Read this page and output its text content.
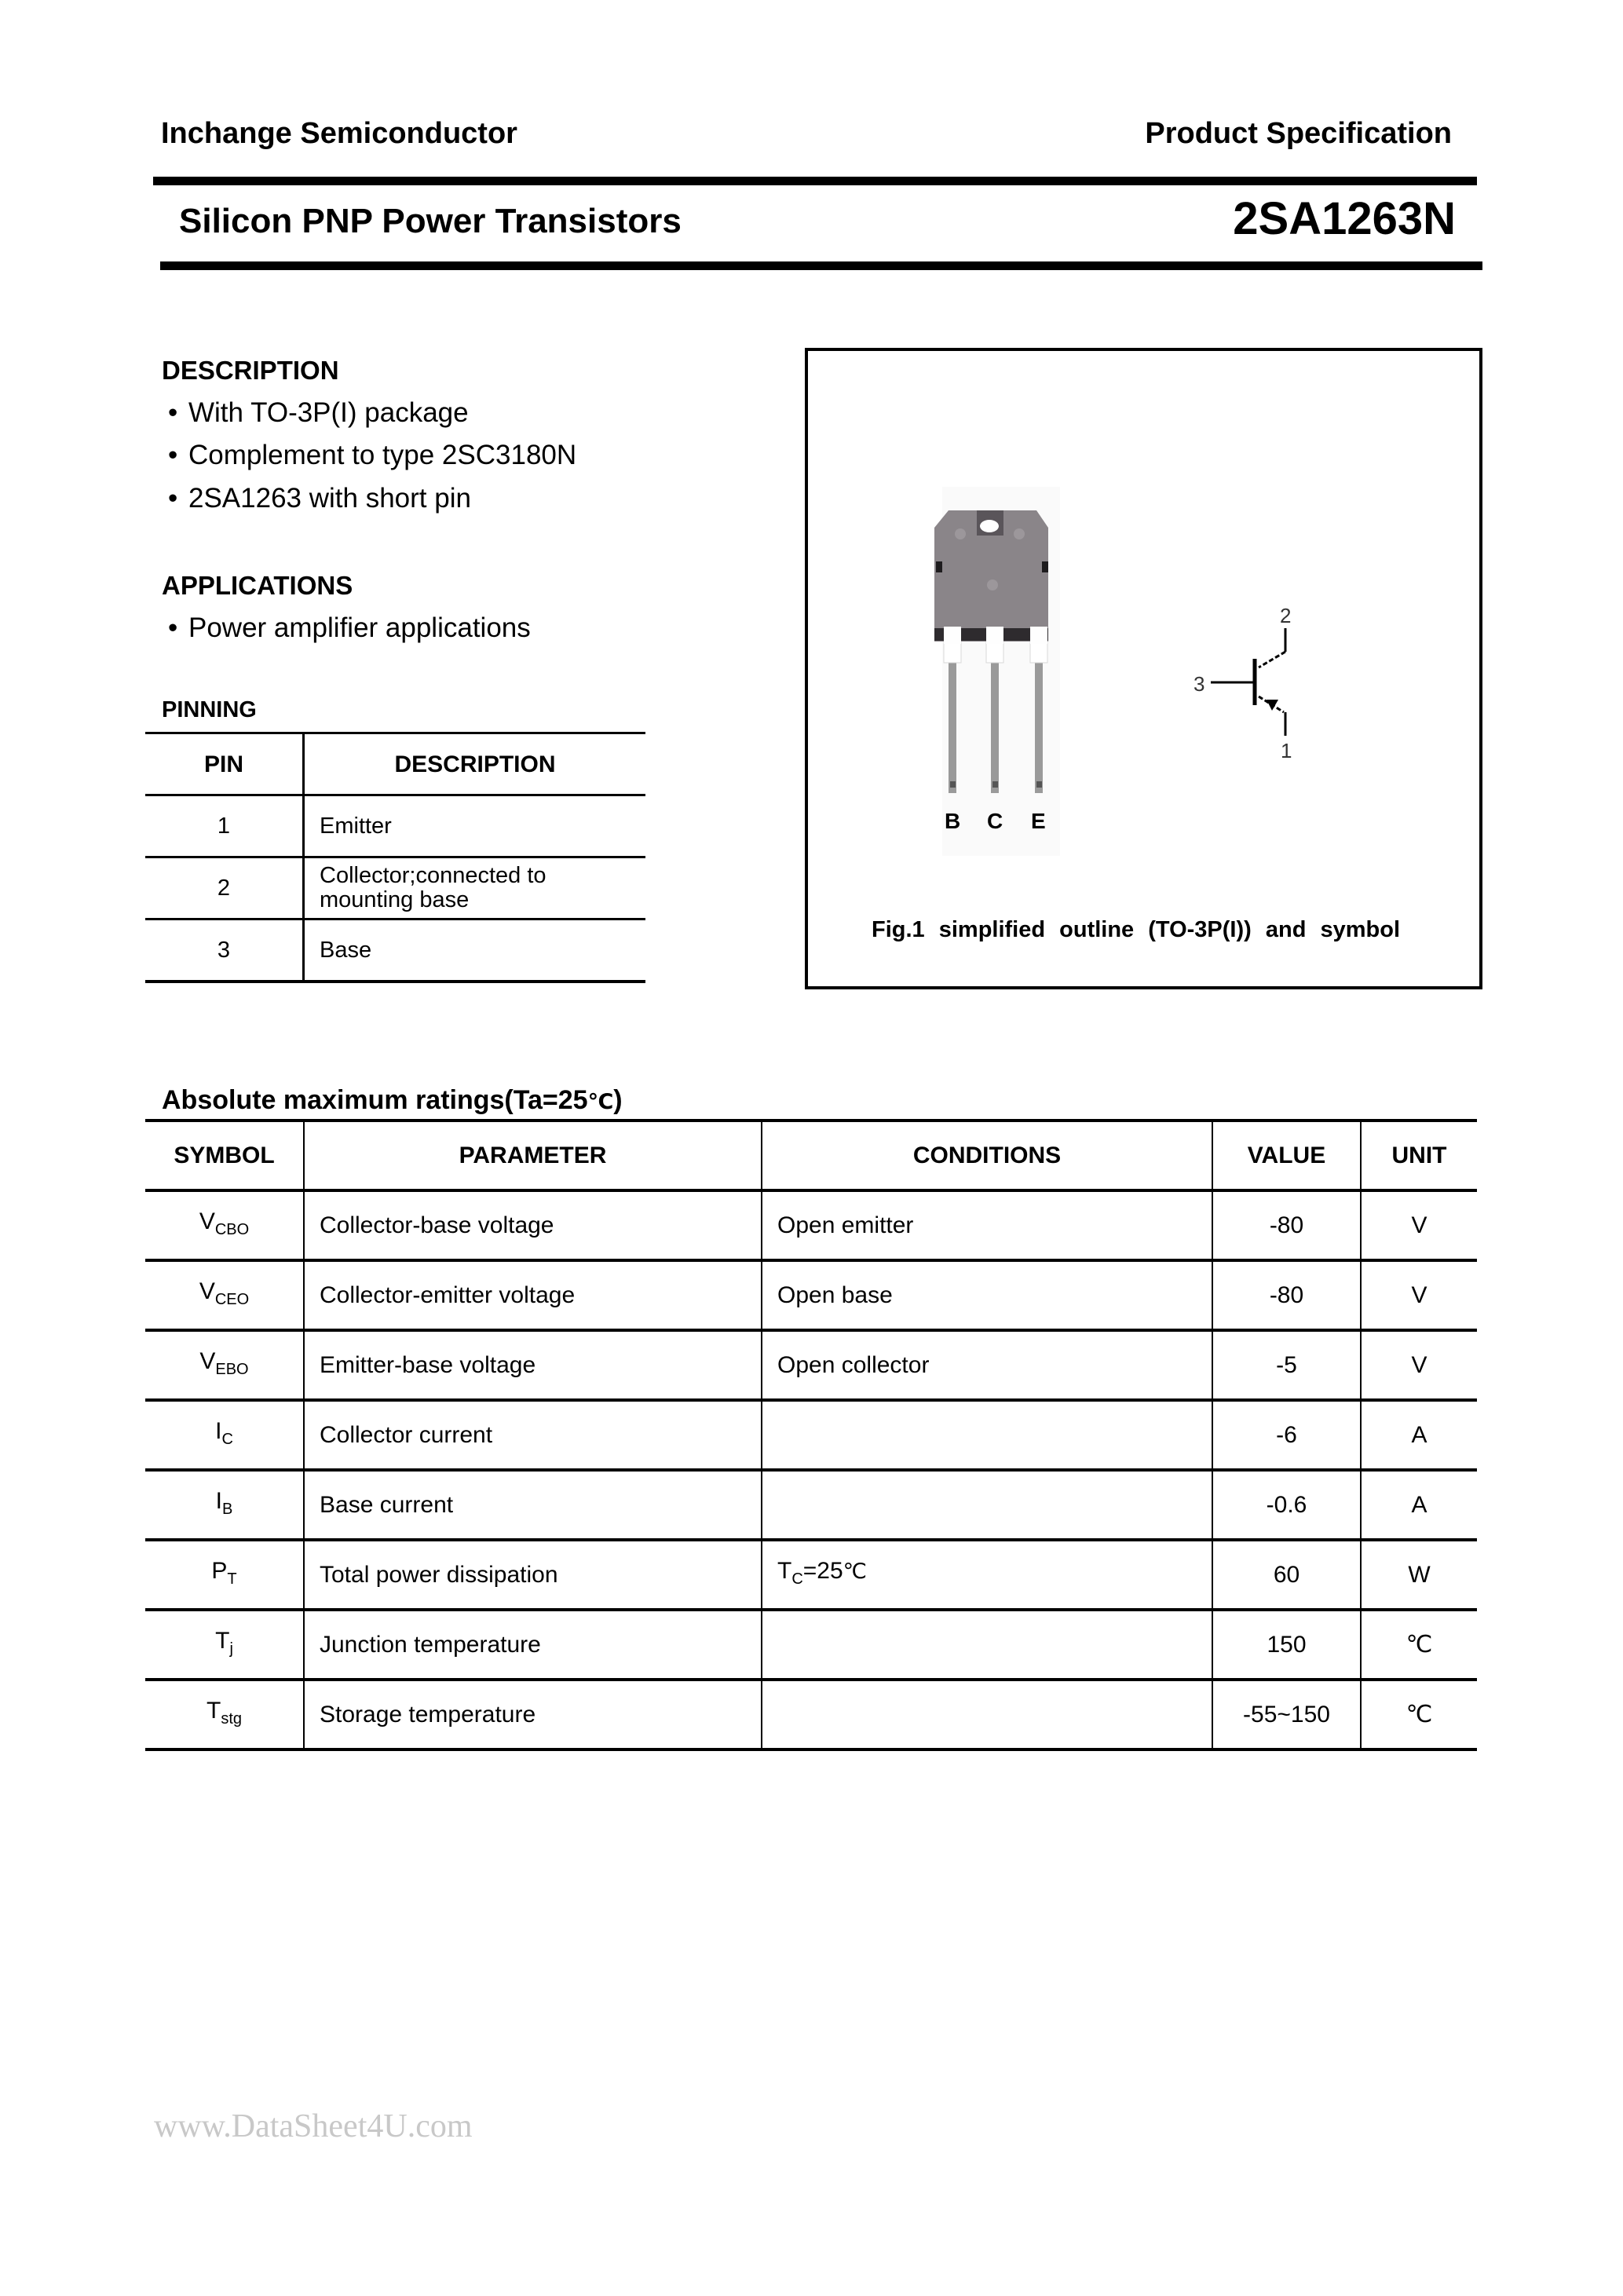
Inchange Semiconductor	Product Specification
Silicon PNP Power Transistors	2SA1263N
DESCRIPTION
• With TO-3P(I) package
• Complement to type 2SC3180N
• 2SA1263 with short pin
APPLICATIONS
• Power amplifier applications
PINNING
PIN	DESCRIPTION
1	Emitter
2	Collector;connected to
mounting base

3	Base
B C E
2
3
1
Fig.1 simplified outline (TO-3P(I)) and symbol
Absolute maximum ratings(Ta=25℃)
SYMBOL	PARAMETER	CONDITIONS	VALUE	UNIT
$V_{CBO}$	Collector-base voltage	Open emitter	-80	V
$V_{CEO}$	Collector-emitter voltage	Open base	-80	V
$V_{EBO}$	Emitter-base voltage	Open collector	-5	V
$I_C$	Collector current		-6	A
$I_B$	Base current		-0.6	A
$P_T$	Total power dissipation	$T_C=25℃$	60	W
$T_j$	Junction temperature		150	℃
$T_{stg}$	Storage temperature		-55~150	℃
www.DataSheet4U.com
